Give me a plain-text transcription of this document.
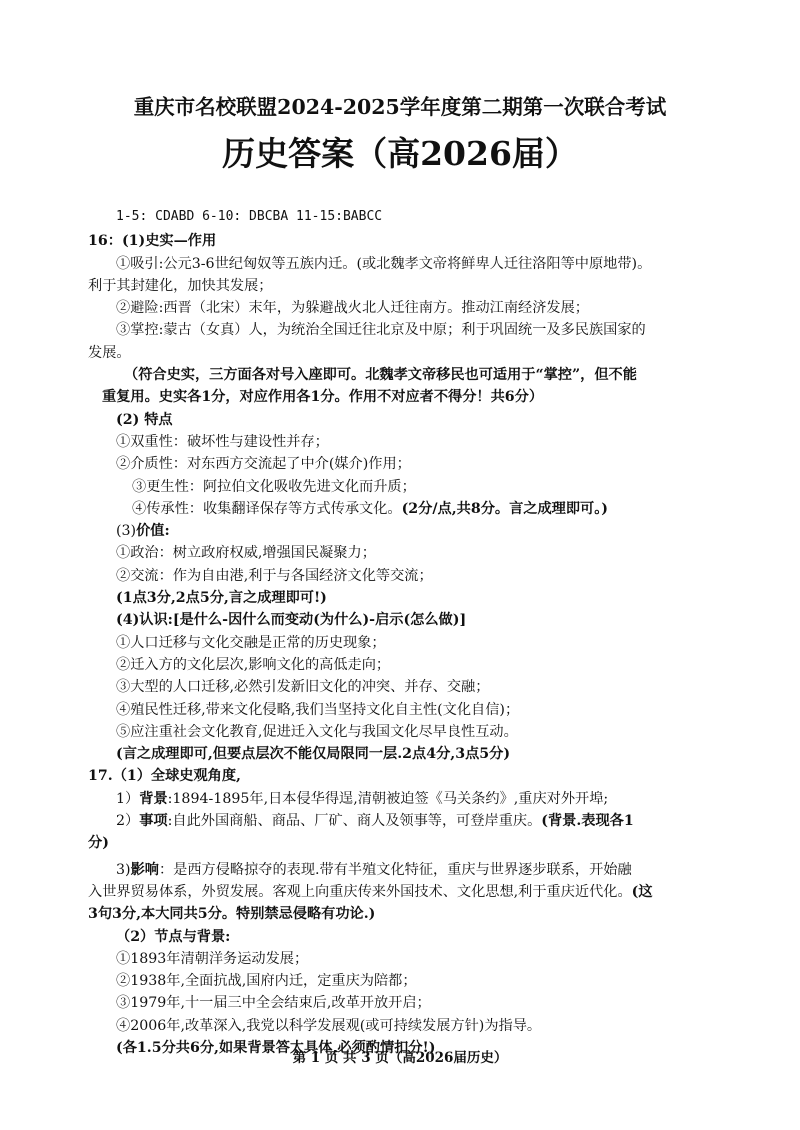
重庆市名校联盟2024-2025学年度第二期第一次联合考试
历史答案（高2026届）
1-5: CDABD 6-10: DBCBA 11-15:BABCC
16：(1)史实—作用
①吸引:公元3-6世纪匈奴等五族内迁。(或北魏孝文帝将鲜卑人迁往洛阳等中原地带)。
利于其封建化，加快其发展；
②避险:西晋（北宋）末年，为躲避战火北人迁往南方。推动江南经济发展；
③掌控:蒙古（女真）人，为统治全国迁往北京及中原；利于巩固统一及多民族国家的
发展。
（符合史实，三方面各对号入座即可。北魏孝文帝移民也可适用于“掌控”，但不能
重复用。史实各1分，对应作用各1分。作用不对应者不得分！共6分）
(2) 特点
①双重性：破坏性与建设性并存；
②介质性：对东西方交流起了中介(媒介)作用；
③更生性：阿拉伯文化吸收先进文化而升质；
④传承性：收集翻译保存等方式传承文化。(2分/点,共8分。言之成理即可。)
(3)价值:
①政治：树立政府权威,增强国民凝聚力；
②交流：作为自由港,利于与各国经济文化等交流；
(1点3分,2点5分,言之成理即可!)
(4)认识:[是什么-因什么而变动(为什么)-启示(怎么做)]
①人口迁移与文化交融是正常的历史现象；
②迁入方的文化层次,影响文化的高低走向；
③大型的人口迁移,必然引发新旧文化的冲突、并存、交融；
④殖民性迁移,带来文化侵略,我们当坚持文化自主性(文化自信)；
⑤应注重社会文化教育,促进迁入文化与我国文化尽早良性互动。
(言之成理即可,但要点层次不能仅局限同一层.2点4分,3点5分)
17.（1）全球史观角度,
1）背景:1894-1895年,日本侵华得逞,清朝被迫签《马关条约》,重庆对外开埠;
2）事项:自此外国商船、商品、厂矿、商人及领事等，可登岸重庆。(背景.表现各1
分)
3)影响：是西方侵略掠夺的表现.带有半殖文化特征，重庆与世界逐步联系，开始融
入世界贸易体系，外贸发展。客观上向重庆传来外国技术、文化思想,利于重庆近代化。(这
3句3分,本大同共5分。特别禁忌侵略有功论.)
（2）节点与背景:
①1893年清朝洋务运动发展；
②1938年,全面抗战,国府内迁，定重庆为陪都；
③1979年,十一届三中全会结束后,改革开放开启；
④2006年,改革深入,我党以科学发展观(或可持续发展方针)为指导。
(各1.5分共6分,如果背景答太具体,必须酌情扣分!)
第 1 页 共 3 页（高2026届历史）
